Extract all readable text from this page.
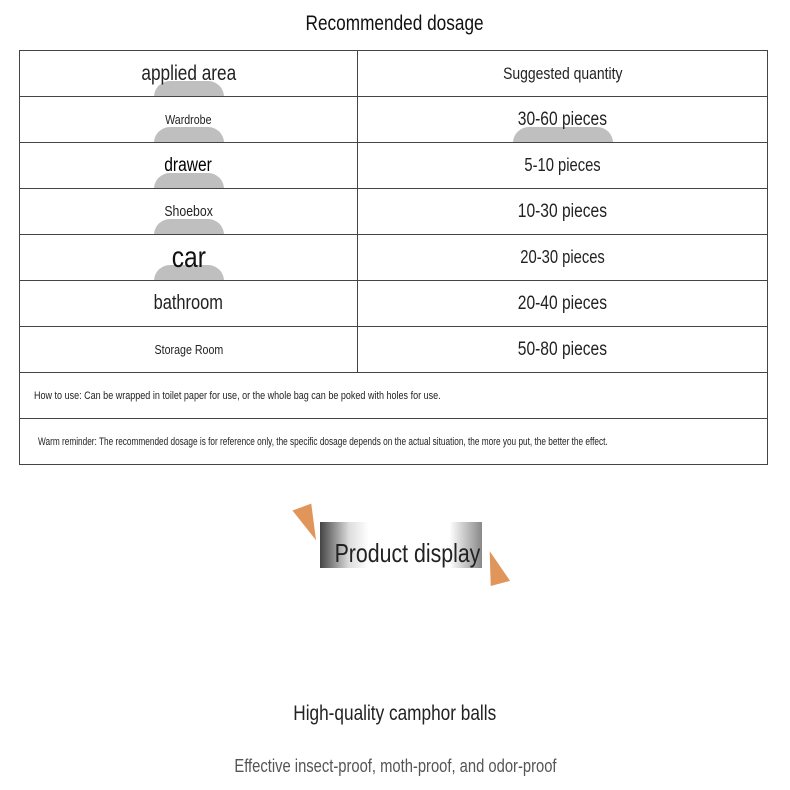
Recommended dosage
applied area	Suggested quantity

Wardrobe	30-60 pieces

drawer	5-10 pieces

Shoebox	10-30 pieces

car	20-30 pieces
bathroom	20-40 pieces
Storage Room	50-80 pieces
How to use: Can be wrapped in toilet paper for use, or the whole bag can be poked with holes for use.	
Warm reminder: The recommended dosage is for reference only, the specific dosage depends on the actual situation, the more you put, the better the effect.	
Product display
High-quality camphor balls
Effective insect-proof, moth-proof, and odor-proof
